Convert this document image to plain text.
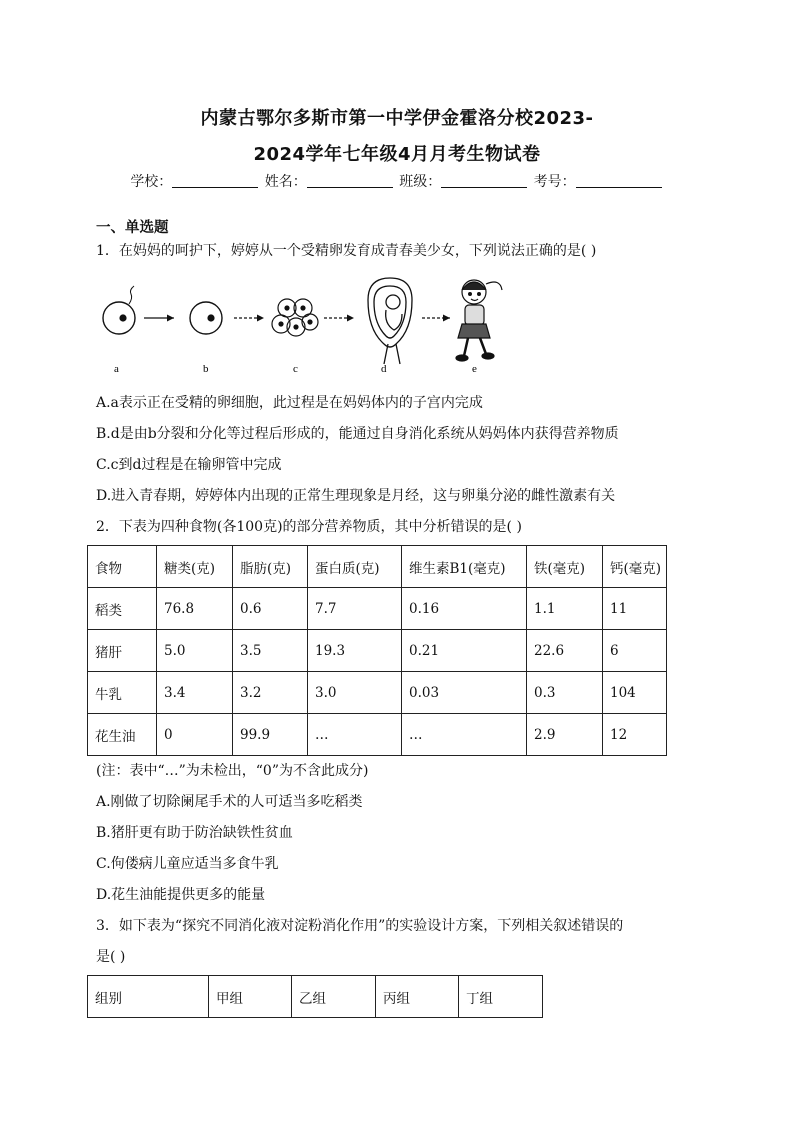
内蒙古鄂尔多斯市第一中学伊金霍洛分校2023-
2024学年七年级4月月考生物试卷
学校：	姓名：	班级：	考号：
一、单选题
1．在妈妈的呵护下，婷婷从一个受精卵发育成青春美少女，下列说法正确的是( )
a	b	c	d	e
A.a表示正在受精的卵细胞，此过程是在妈妈体内的子宫内完成
B.d是由b分裂和分化等过程后形成的，能通过自身消化系统从妈妈体内获得营养物质
C.c到d过程是在输卵管中完成
D.进入青春期，婷婷体内出现的正常生理现象是月经，这与卵巢分泌的雌性激素有关
2．下表为四种食物(各100克)的部分营养物质，其中分析错误的是( )
食物	糖类(克)	脂肪(克)	蛋白质(克)	维生素B1(毫克)	铁(毫克)	钙(毫克)
稻类	76.8	0.6	7.7	0.16	1.1	11
猪肝	5.0	3.5	19.3	0.21	22.6	6
牛乳	3.4	3.2	3.0	0.03	0.3	104
花生油	0	99.9	…	…	2.9	12
(注：表中“…”为未检出，“0”为不含此成分)
A.刚做了切除阑尾手术的人可适当多吃稻类
B.猪肝更有助于防治缺铁性贫血
C.佝偻病儿童应适当多食牛乳
D.花生油能提供更多的能量
3．如下表为“探究不同消化液对淀粉消化作用”的实验设计方案，下列相关叙述错误的
是( )
组别	甲组	乙组	丙组	丁组
